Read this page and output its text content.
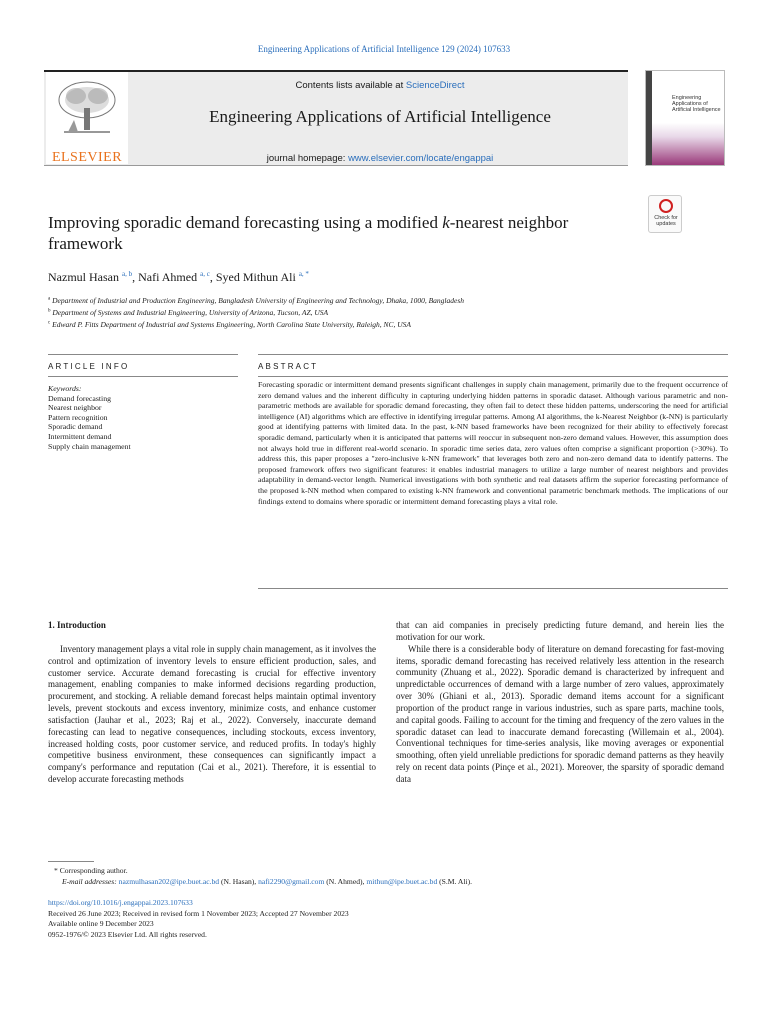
Engineering Applications of Artificial Intelligence 129 (2024) 107633
ELSEVIER
Contents lists available at ScienceDirect
Engineering Applications of Artificial Intelligence
journal homepage: www.elsevier.com/locate/engappai
Engineering Applications of Artificial Intelligence
Check for updates
Improving sporadic demand forecasting using a modified k-nearest neighbor framework
Nazmul Hasan $^{a, b}$, Nafi Ahmed $^{a, c}$, Syed Mithun Ali $^{a, *}$
$^a$ Department of Industrial and Production Engineering, Bangladesh University of Engineering and Technology, Dhaka, 1000, Bangladesh
$^b$ Department of Systems and Industrial Engineering, University of Arizona, Tucson, AZ, USA
$^c$ Edward P. Fitts Department of Industrial and Systems Engineering, North Carolina State University, Raleigh, NC, USA
ARTICLE INFO	ABSTRACT
Keywords:
Demand forecasting
Nearest neighbor
Pattern recognition
Sporadic demand
Intermittent demand
Supply chain management
Forecasting sporadic or intermittent demand presents significant challenges in supply chain management, primarily due to the frequent occurrence of zero demand values and the inherent difficulty in capturing underlying hidden patterns in sporadic dataset. Although various parametric and non-parametric methods are available for sporadic demand forecasting, they often fail to detect these hidden patterns, underscoring the need for artificial intelligence (AI) algorithms which are effective in identifying irregular patterns. Among AI algorithms, the k-Nearest Neighbor (k-NN) is particularly good at identifying patterns with limited data. In the past, k-NN based frameworks have been recognized for their ability to effectively forecast sporadic demand, particularly when it is anticipated that patterns will reoccur in subsequent non-zero demand values. However, this assumption does not always hold true in different real-world scenario. In sporadic time series data, zero values often comprise a significant proportion (>30%). To address this, this paper proposes a "zero-inclusive k-NN framework" that leverages both zero and non-zero demand data to identify patterns. The proposed framework offers two significant features: it enables industrial managers to utilize a large number of nearest neighbors and provides adaptability in demand-vector length. Numerical investigations with both synthetic and real datasets affirm the superior forecasting performance of the proposed k-NN method when compared to existing k-NN framework and conventional parametric benchmark methods. The implications of our findings extend to domains where sporadic or intermittent demand forecasting plays a vital role.
1. Introduction

Inventory management plays a vital role in supply chain management, as it involves the control and optimization of inventory levels to ensure efficient production, sales, and customer service. Accurate demand forecasting is crucial for effective inventory management, enabling companies to make informed decisions regarding production, procurement, and stocking. A reliable demand forecast helps maintain optimal inventory levels, prevent stockouts and excess inventory, minimize costs, and enhance customer satisfaction (Jauhar et al., 2023; Raj et al., 2022). Conversely, inaccurate demand forecasting can lead to negative consequences, including stockouts, excess inventory, increased holding costs, poor customer service, and reduced profits. In today's highly competitive business environment, these consequences can significantly impact a company's performance and reputation (Cai et al., 2021). Therefore, it is essential to develop accurate forecasting methods

that can aid companies in precisely predicting future demand, and herein lies the motivation for our work.

While there is a considerable body of literature on demand forecasting for fast-moving items, sporadic demand forecasting has received relatively less attention in the research community (Zhuang et al., 2022). Sporadic demand is characterized by infrequent and unpredictable occurrences of demand with a large number of zero values, approximately over 30% (Ghiani et al., 2013). Sporadic demand items account for a significant proportion of the product range in various industries, such as spare parts, machine tools, and capital goods. Failing to account for the timing and frequency of the zero values in the sporadic dataset can lead to inaccurate demand forecasting (Willemain et al., 2004). Conventional techniques for time-series analysis, like moving averages or exponential smoothing, often yield unreliable predictions for sporadic demand patterns as they heavily rely on recent data points (Pinçe et al., 2021). Moreover, the sparsity of sporadic demand data

* Corresponding author.
E-mail addresses: nazmulhasan202@ipe.buet.ac.bd (N. Hasan), nafi2290@gmail.com (N. Ahmed), mithun@ipe.buet.ac.bd (S.M. Ali).
https://doi.org/10.1016/j.engappai.2023.107633
Received 26 June 2023; Received in revised form 1 November 2023; Accepted 27 November 2023
Available online 9 December 2023
0952-1976/© 2023 Elsevier Ltd. All rights reserved.
